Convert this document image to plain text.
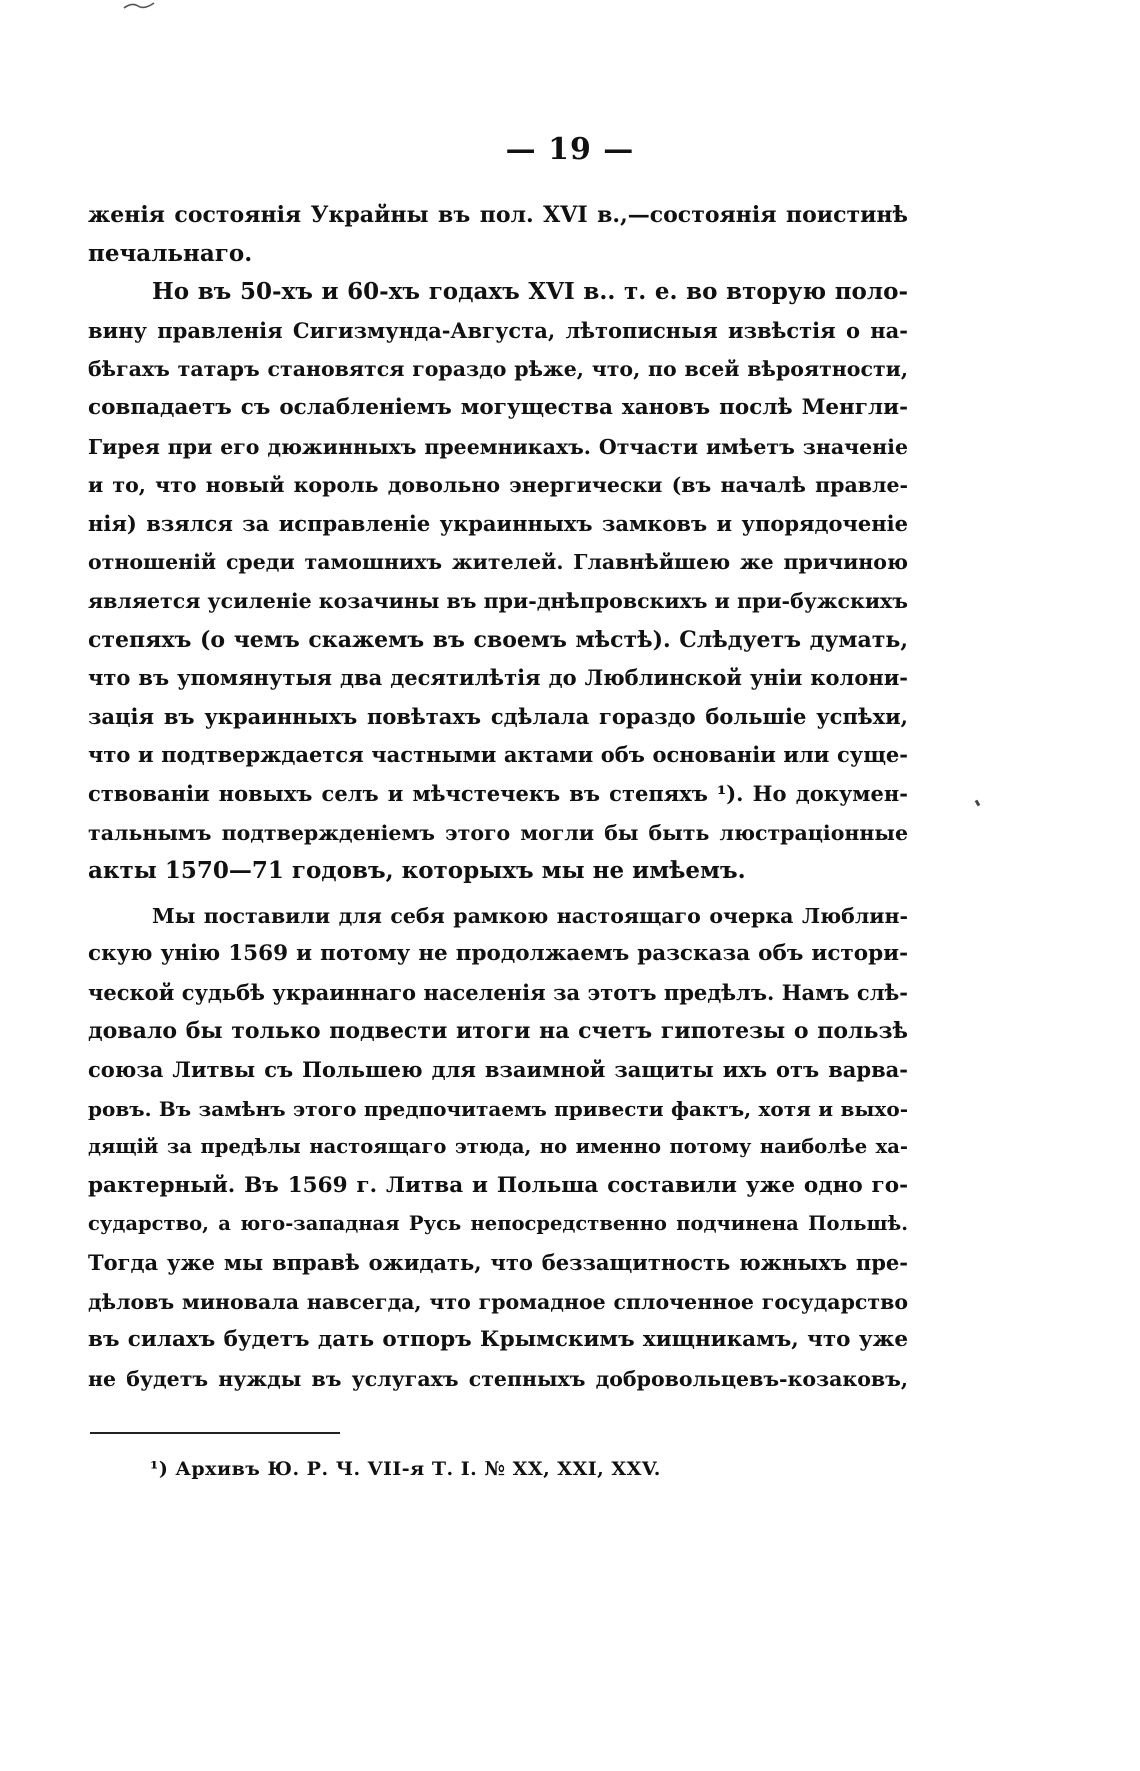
— 19 —
женія состоянія Украйны въ пол. XVI в.,—состоянія поистинѣ
печальнаго.
Но въ 50-хъ и 60-хъ годахъ XVI в.. т. е. во вторую поло-
вину правленія Сигизмунда-Августа, лѣтописныя извѣстія о на-
бѣгахъ татаръ становятся гораздо рѣже, что, по всей вѣроятности,
совпадаетъ съ ослабленіемъ могущества хановъ послѣ Менгли-
Гирея при его дюжинныхъ преемникахъ. Отчасти имѣетъ значеніе
и то, что новый король довольно энергически (въ началѣ правле-
нія) взялся за исправленіе украинныхъ замковъ и упорядоченіе
отношеній среди тамошнихъ жителей. Главнѣйшею же причиною
является усиленіе козачины въ при-днѣпровскихъ и при-бужскихъ
степяхъ (о чемъ скажемъ въ своемъ мѣстѣ). Слѣдуетъ думать,
что въ упомянутыя два десятилѣтія до Люблинской уніи колони-
зація въ украинныхъ повѣтахъ сдѣлала гораздо большіе успѣхи,
что и подтверждается частными актами объ основаніи или суще-
ствованіи новыхъ селъ и мѣчстечекъ въ степяхъ ¹). Но докумен-
тальнымъ подтвержденіемъ этого могли бы быть люстраціонные
акты 1570—71 годовъ, которыхъ мы не имѣемъ.
Мы поставили для себя рамкою настоящаго очерка Люблин-
скую унію 1569 и потому не продолжаемъ разсказа объ истори-
ческой судьбѣ украиннаго населенія за этотъ предѣлъ. Намъ слѣ-
довало бы только подвести итоги на счетъ гипотезы о пользѣ
союза Литвы съ Польшею для взаимной защиты ихъ отъ варва-
ровъ. Въ замѣнъ этого предпочитаемъ привести фактъ, хотя и выхо-
дящій за предѣлы настоящаго этюда, но именно потому наиболѣе ха-
рактерный. Въ 1569 г. Литва и Польша составили уже одно го-
сударство, а юго-западная Русь непосредственно подчинена Польшѣ.
Тогда уже мы вправѣ ожидать, что беззащитность южныхъ пре-
дѣловъ миновала навсегда, что громадное сплоченное государство
въ силахъ будетъ дать отпоръ Крымскимъ хищникамъ, что уже
не будетъ нужды въ услугахъ степныхъ добровольцевъ-козаковъ,
¹) Архивъ Ю. Р. Ч. VII-я Т. I. № XX, XXI, XXV.
